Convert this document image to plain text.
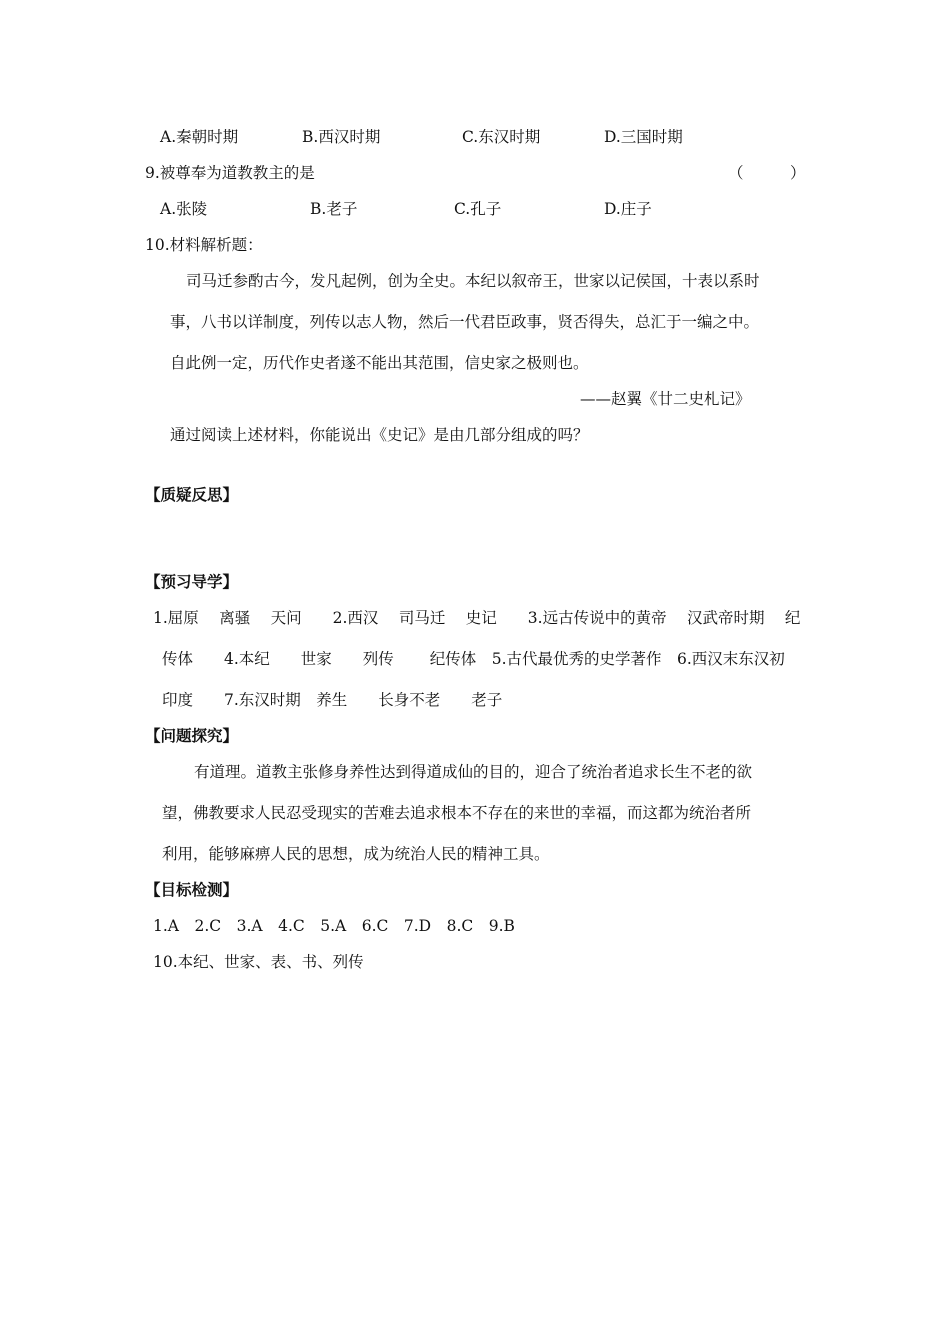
A.秦朝时期	B.西汉时期	C.东汉时期	D.三国时期
9.被尊奉为道教教主的是	（　　　）
A.张陵	B.老子	C.孔子	D.庄子
10.材料解析题：
司马迁参酌古今，发凡起例，创为全史。本纪以叙帝王，世家以记侯国，十表以系时
事，八书以详制度，列传以志人物，然后一代君臣政事，贤否得失，总汇于一编之中。
自此例一定，历代作史者遂不能出其范围，信史家之极则也。
——赵翼《廿二史札记》
通过阅读上述材料，你能说出《史记》是由几部分组成的吗？
【质疑反思】
【预习导学】
1.屈原　 离骚　 天问　　2.西汉　 司马迁　 史记　　3.远古传说中的黄帝　 汉武帝时期　 纪
传体　　4.本纪　　世家　　列传　　 纪传体　5.古代最优秀的史学著作　6.西汉末东汉初
印度　　7.东汉时期　养生　　长身不老　　老子
【问题探究】
有道理。道教主张修身养性达到得道成仙的目的，迎合了统治者追求长生不老的欲
望，佛教要求人民忍受现实的苦难去追求根本不存在的来世的幸福，而这都为统治者所
利用，能够麻痹人民的思想，成为统治人民的精神工具。
【目标检测】
1.A　2.C　3.A　4.C　5.A　6.C　7.D　8.C　9.B
10.本纪、世家、表、书、列传
